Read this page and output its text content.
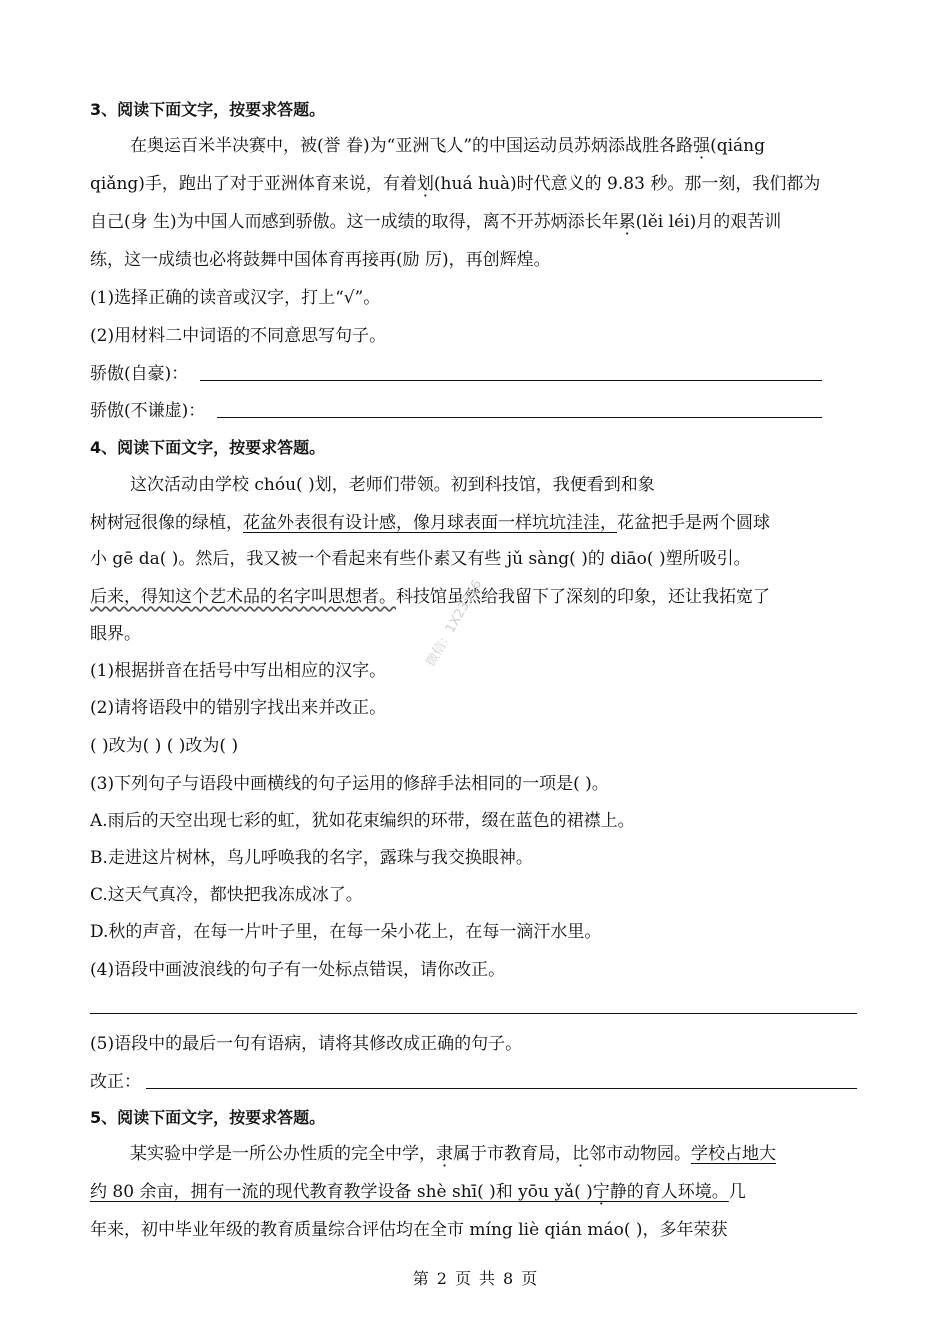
3、阅读下面文字，按要求答题。
在奥运百米半决赛中，被(誉 眷)为“亚洲飞人”的中国运动员苏炳添战胜各路强(qiáng
qiǎng)手，跑出了对于亚洲体育来说，有着划(huá huà)时代意义的 9.83 秒。那一刻，我们都为
自己(身 生)为中国人而感到骄傲。这一成绩的取得，离不开苏炳添长年累(lěi léi)月的艰苦训
练，这一成绩也必将鼓舞中国体育再接再(励 厉)，再创辉煌。
(1)选择正确的读音或汉字，打上“√”。
(2)用材料二中词语的不同意思写句子。
骄傲(自豪)：
骄傲(不谦虚)：
4、阅读下面文字，按要求答题。
这次活动由学校 chóu( )划，老师们带领。初到科技馆，我便看到和象
树树冠很像的绿植，花盆外表很有设计感，像月球表面一样坑坑洼洼，花盆把手是两个圆球
小 gē da( )。然后，我又被一个看起来有些仆素又有些 jǔ sàng( )的 diāo( )塑所吸引。
后来，得知这个艺术品的名字叫思想者。科技馆虽然给我留下了深刻的印象，还让我拓宽了
眼界。
(1)根据拼音在括号中写出相应的汉字。
(2)请将语段中的错别字找出来并改正。
( )改为( ) ( )改为( )
(3)下列句子与语段中画横线的句子运用的修辞手法相同的一项是( )。
A.雨后的天空出现七彩的虹，犹如花束编织的环带，缀在蓝色的裙襟上。
B.走进这片树林，鸟儿呼唤我的名字，露珠与我交换眼神。
C.这天气真冷，都快把我冻成冰了。
D.秋的声音，在每一片叶子里，在每一朵小花上，在每一滴汗水里。
(4)语段中画波浪线的句子有一处标点错误，请你改正。
(5)语段中的最后一句有语病，请将其修改成正确的句子。
改正：
5、阅读下面文字，按要求答题。
某实验中学是一所公办性质的完全中学，隶属于市教育局，比邻市动物园。学校占地大
约 80 余亩，拥有一流的现代教育教学设备 shè shī( )和 yōu yǎ( )宁静的育人环境。几
年来，初中毕业年级的教育质量综合评估均在全市 míng liè qián máo( )，多年荣获
微信：1X23316
第 2 页 共 8 页
